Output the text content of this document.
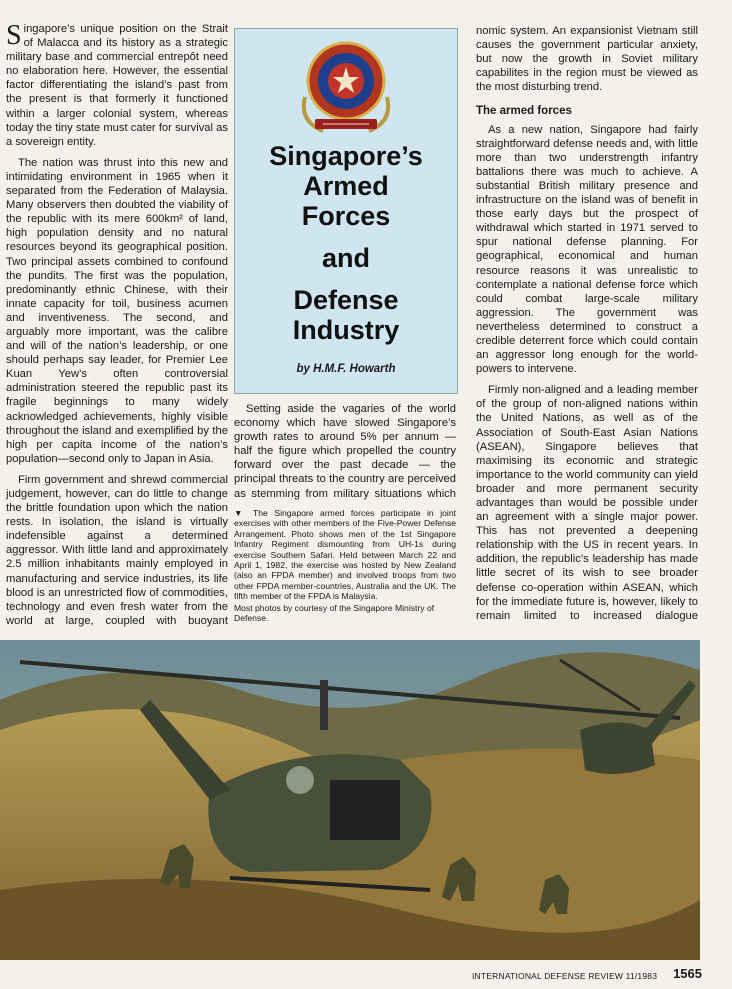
Singapore’s unique position on the Strait of Malacca and its history as a strategic military base and commercial entrepôt need no elaboration here. However, the essential factor differentiating the island’s past from the present is that formerly it functioned within a larger colonial system, whereas today the tiny state must cater for survival as a sovereign entity.

The nation was thrust into this new and intimidating environment in 1965 when it separated from the Federation of Malaysia. Many observers then doubted the viability of the republic with its mere 600km² of land, high population density and no natural resources beyond its geographical position. Two principal assets combined to confound the pundits. The first was the population, predominantly ethnic Chinese, with their innate capacity for toil, business acumen and inventiveness. The second, and arguably more important, was the calibre and will of the nation’s leadership, or one should perhaps say leader, for Premier Lee Kuan Yew’s often controversial administration steered the republic past its fragile beginnings to many widely acknowledged achievements, highly visible throughout the island and exemplified by the high per capita income of the nation’s population—second only to Japan in Asia.

Firm government and shrewd commercial judgement, however, can do little to change the brittle foundation upon which the nation rests. In isolation, the island is virtually indefensible against a determined aggressor. With little land and approximately 2.5 million inhabitants mainly employed in manufacturing and service industries, its life blood is an unrestricted flow of commodities, technology and even fresh water from the world at large, coupled with buoyant

Singapore’s
Armed
Forces
and
Defense
Industry
by H.M.F. Howarth

Setting aside the vagaries of the world economy which have slowed Singapore’s growth rates to around 5% per annum — half the figure which propelled the country forward over the past decade — the principal threats to the country are perceived as stemming from military situations which

▼ The Singapore armed forces participate in joint exercises with other members of the Five-Power Defense Arrangement. Photo shows men of the 1st Singapore Infantry Regiment dismounting from UH-1s during exercise Southern Safari. Held between March 22 and April 1, 1982, the exercise was hosted by New Zealand (also an FPDA member) and involved troops from two other FPDA member-countries, Australia and the UK. The fifth member of the FPDA is Malaysia.
Most photos by courtesy of the Singapore Ministry of Defense.

nomic system. An expansionist Vietnam still causes the government particular anxiety, but now the growth in Soviet military capabilites in the region must be viewed as the most disturbing trend.

The armed forces

As a new nation, Singapore had fairly straightforward defense needs and, with little more than two understrength infantry battalions there was much to achieve. A substantial British military presence and infrastructure on the island was of benefit in those early days but the prospect of withdrawal which started in 1971 served to spur national defense planning. For geographical, economical and human resource reasons it was unrealistic to contemplate a national defense force which could combat large-scale military aggression. The government was nevertheless determined to construct a credible deterrent force which could contain an aggressor long enough for the world-powers to intervene.

Firmly non-aligned and a leading member of the group of non-aligned nations within the United Nations, as well as of the Association of South-East Asian Nations (ASEAN), Singapore believes that maximising its economic and strategic importance to the world community can yield broader and more permanent security advantages than would be possible under an agreement with a single major power. This has not prevented a deepening relationship with the US in recent years. In addition, the republic’s leadership has made little secret of its wish to see broader defense co-operation within ASEAN, which for the immediate future is, however, likely to remain limited to increased dialogue

INTERNATIONAL DEFENSE REVIEW 11/1983 1565
